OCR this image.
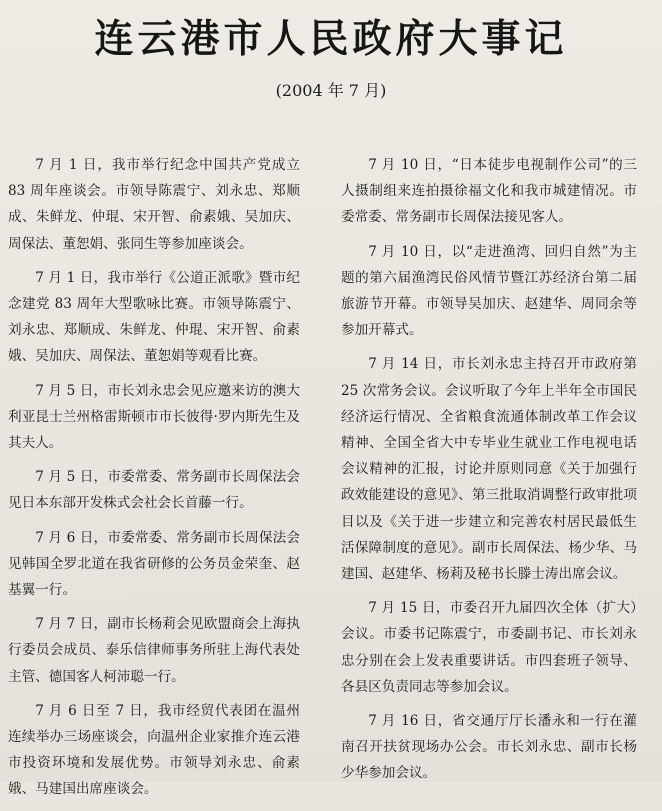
连云港市人民政府大事记
(2004 年 7 月)

7 月 1 日，我市举行纪念中国共产党成立 83 周年座谈会。市领导陈震宁、刘永忠、郑顺成、朱鲜龙、仲琨、宋开智、俞素娥、吴加庆、周保法、董恕娟、张同生等参加座谈会。

7 月 1 日，我市举行《公道正派歌》暨市纪念建党 83 周年大型歌咏比赛。市领导陈震宁、刘永忠、郑顺成、朱鲜龙、仲琨、宋开智、俞素娥、吴加庆、周保法、董恕娟等观看比赛。

7 月 5 日，市长刘永忠会见应邀来访的澳大利亚昆士兰州格雷斯顿市市长彼得·罗内斯先生及其夫人。

7 月 5 日，市委常委、常务副市长周保法会见日本东部开发株式会社会长首藤一行。

7 月 6 日，市委常委、常务副市长周保法会见韩国全罗北道在我省研修的公务员金荣奎、赵基翼一行。

7 月 7 日，副市长杨莉会见欧盟商会上海执行委员会成员、泰乐信律师事务所驻上海代表处主管、德国客人柯沛聪一行。

7 月 6 日至 7 日，我市经贸代表团在温州连续举办三场座谈会，向温州企业家推介连云港市投资环境和发展优势。市领导刘永忠、俞素娥、马建国出席座谈会。

7 月 10 日，“日本徒步电视制作公司”的三人摄制组来连拍摄徐福文化和我市城建情况。市委常委、常务副市长周保法接见客人。

7 月 10 日，以“走进渔湾、回归自然”为主题的第六届渔湾民俗风情节暨江苏经济台第二届旅游节开幕。市领导吴加庆、赵建华、周同余等参加开幕式。

7 月 14 日，市长刘永忠主持召开市政府第 25 次常务会议。会议听取了今年上半年全市国民经济运行情况、全省粮食流通体制改革工作会议精神、全国全省大中专毕业生就业工作电视电话会议精神的汇报，讨论并原则同意《关于加强行政效能建设的意见》、第三批取消调整行政审批项目以及《关于进一步建立和完善农村居民最低生活保障制度的意见》。副市长周保法、杨少华、马建国、赵建华、杨莉及秘书长滕士涛出席会议。

7 月 15 日，市委召开九届四次全体（扩大）会议。市委书记陈震宁，市委副书记、市长刘永忠分别在会上发表重要讲话。市四套班子领导、各县区负责同志等参加会议。

7 月 16 日，省交通厅厅长潘永和一行在灌南召开扶贫现场办公会。市长刘永忠、副市长杨少华参加会议。
